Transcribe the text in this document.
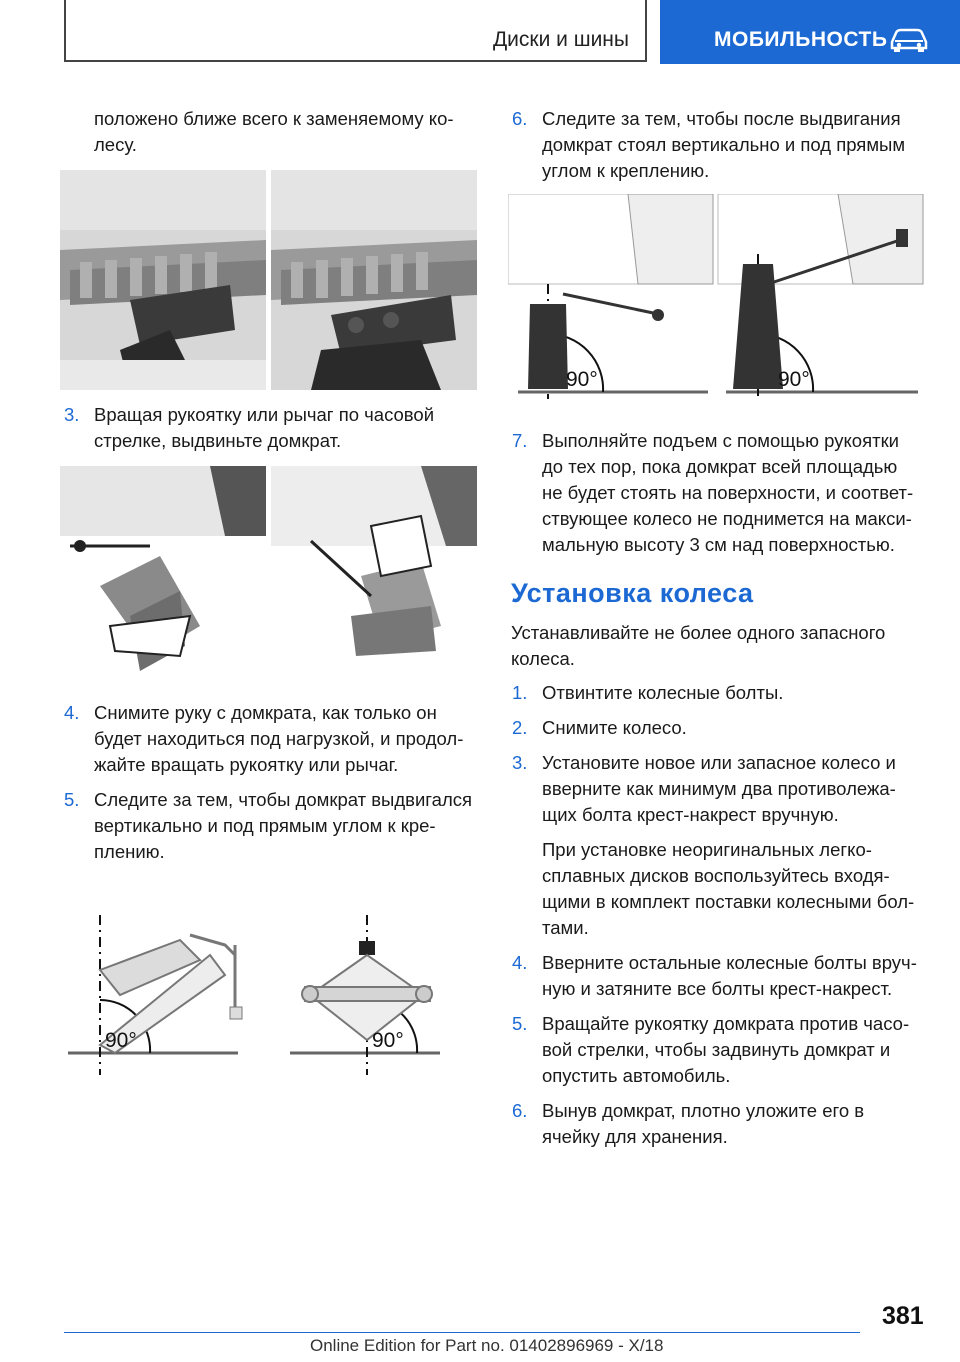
Диски и шины	МОБИЛЬНОСТЬ

положено ближе всего к заменяемому ко-

лесу.

3. Вращая рукоятку или рычаг по часовой
стрелке, выдвиньте домкрат.
4. Снимите руку с домкрата, как только он
будет находиться под нагрузкой, и продол-
жайте вращать рукоятку или рычаг.
5. Следите за тем, чтобы домкрат выдвигался
вертикально и под прямым углом к кре-
плению.
90°	90°
6. Следите за тем, чтобы после выдвигания
домкрат стоял вертикально и под прямым
углом к креплению.
90°	90°
7. Выполняйте подъем с помощью рукоятки
до тех пор, пока домкрат всей площадью
не будет стоять на поверхности, и соответ-
ствующее колесо не поднимется на макси-
мальную высоту 3 см над поверхностью.
Установка колеса

Устанавливайте не более одного запасного

колеса.

1. Отвинтите колесные болты.
2. Снимите колесо.
3. Установите новое или запасное колесо и
вверните как минимум два противолежа-
щих болта крест-накрест вручную.
При установке неоригинальных легко-
сплавных дисков воспользуйтесь входя-
щими в комплект поставки колесными бол-
тами.
4. Вверните остальные колесные болты вруч-
ную и затяните все болты крест-накрест.
5. Вращайте рукоятку домкрата против часо-
вой стрелки, чтобы задвинуть домкрат и
опустить автомобиль.
6. Вынув домкрат, плотно уложите его в
ячейку для хранения.
381
Online Edition for Part no. 01402896969 - X/18
